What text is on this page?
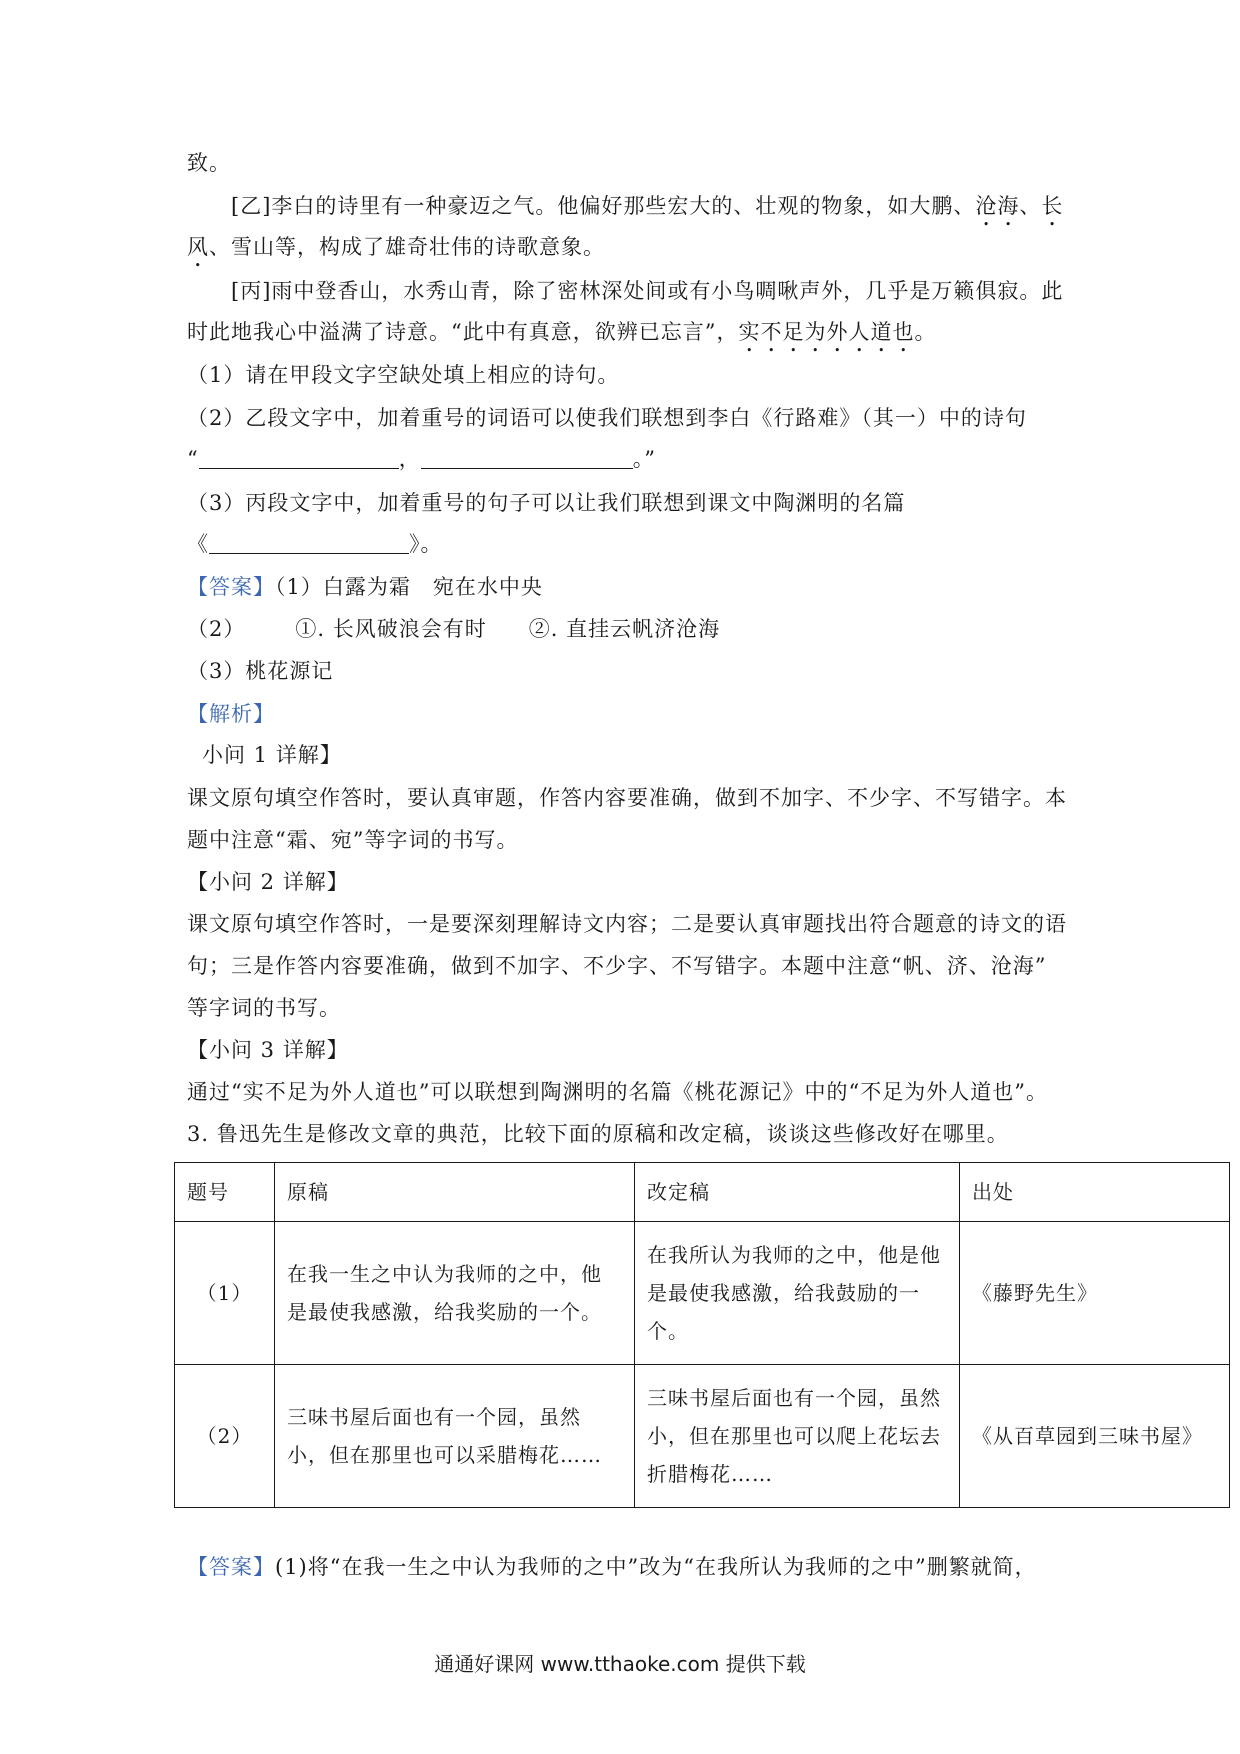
致。
[乙]李白的诗里有一种豪迈之气。他偏好那些宏大的、壮观的物象，如大鹏、沧海、长
风、雪山等，构成了雄奇壮伟的诗歌意象。
[丙]雨中登香山，水秀山青，除了密林深处间或有小鸟啁啾声外，几乎是万籁俱寂。此
时此地我心中溢满了诗意。“此中有真意，欲辨已忘言”，实不足为外人道也。
（1）请在甲段文字空缺处填上相应的诗句。
（2）乙段文字中，加着重号的词语可以使我们联想到李白《行路难》（其一）中的诗句
“	，	。”
（3）丙段文字中，加着重号的句子可以让我们联想到课文中陶渊明的名篇
《	》。
【答案】（1）白露为霜　宛在水中央
（2） ①. 长风破浪会有时 ②. 直挂云帆济沧海
（3）桃花源记
【解析】
小问 1 详解】
课文原句填空作答时，要认真审题，作答内容要准确，做到不加字、不少字、不写错字。本
题中注意“霜、宛”等字词的书写。
【小问 2 详解】
课文原句填空作答时，一是要深刻理解诗文内容；二是要认真审题找出符合题意的诗文的语
句；三是作答内容要准确，做到不加字、不少字、不写错字。本题中注意“帆、济、沧海”
等字词的书写。
【小问 3 详解】
通过“实不足为外人道也”可以联想到陶渊明的名篇《桃花源记》中的“不足为外人道也”。
3. 鲁迅先生是修改文章的典范，比较下面的原稿和改定稿，谈谈这些修改好在哪里。
题号	原稿	改定稿	出处
（1）	在我一生之中认为我师的之中，他是最使我感激，给我奖励的一个。	在我所认为我师的之中，他是他是最使我感激，给我鼓励的一个。	《藤野先生》
（2）	三味书屋后面也有一个园，虽然小，但在那里也可以采腊梅花……	三味书屋后面也有一个园，虽然小，但在那里也可以爬上花坛去折腊梅花……	《从百草园到三味书屋》
【答案】(1)将“在我一生之中认为我师的之中”改为“在我所认为我师的之中”删繁就简，
通通好课网 www.tthaoke.com 提供下载
